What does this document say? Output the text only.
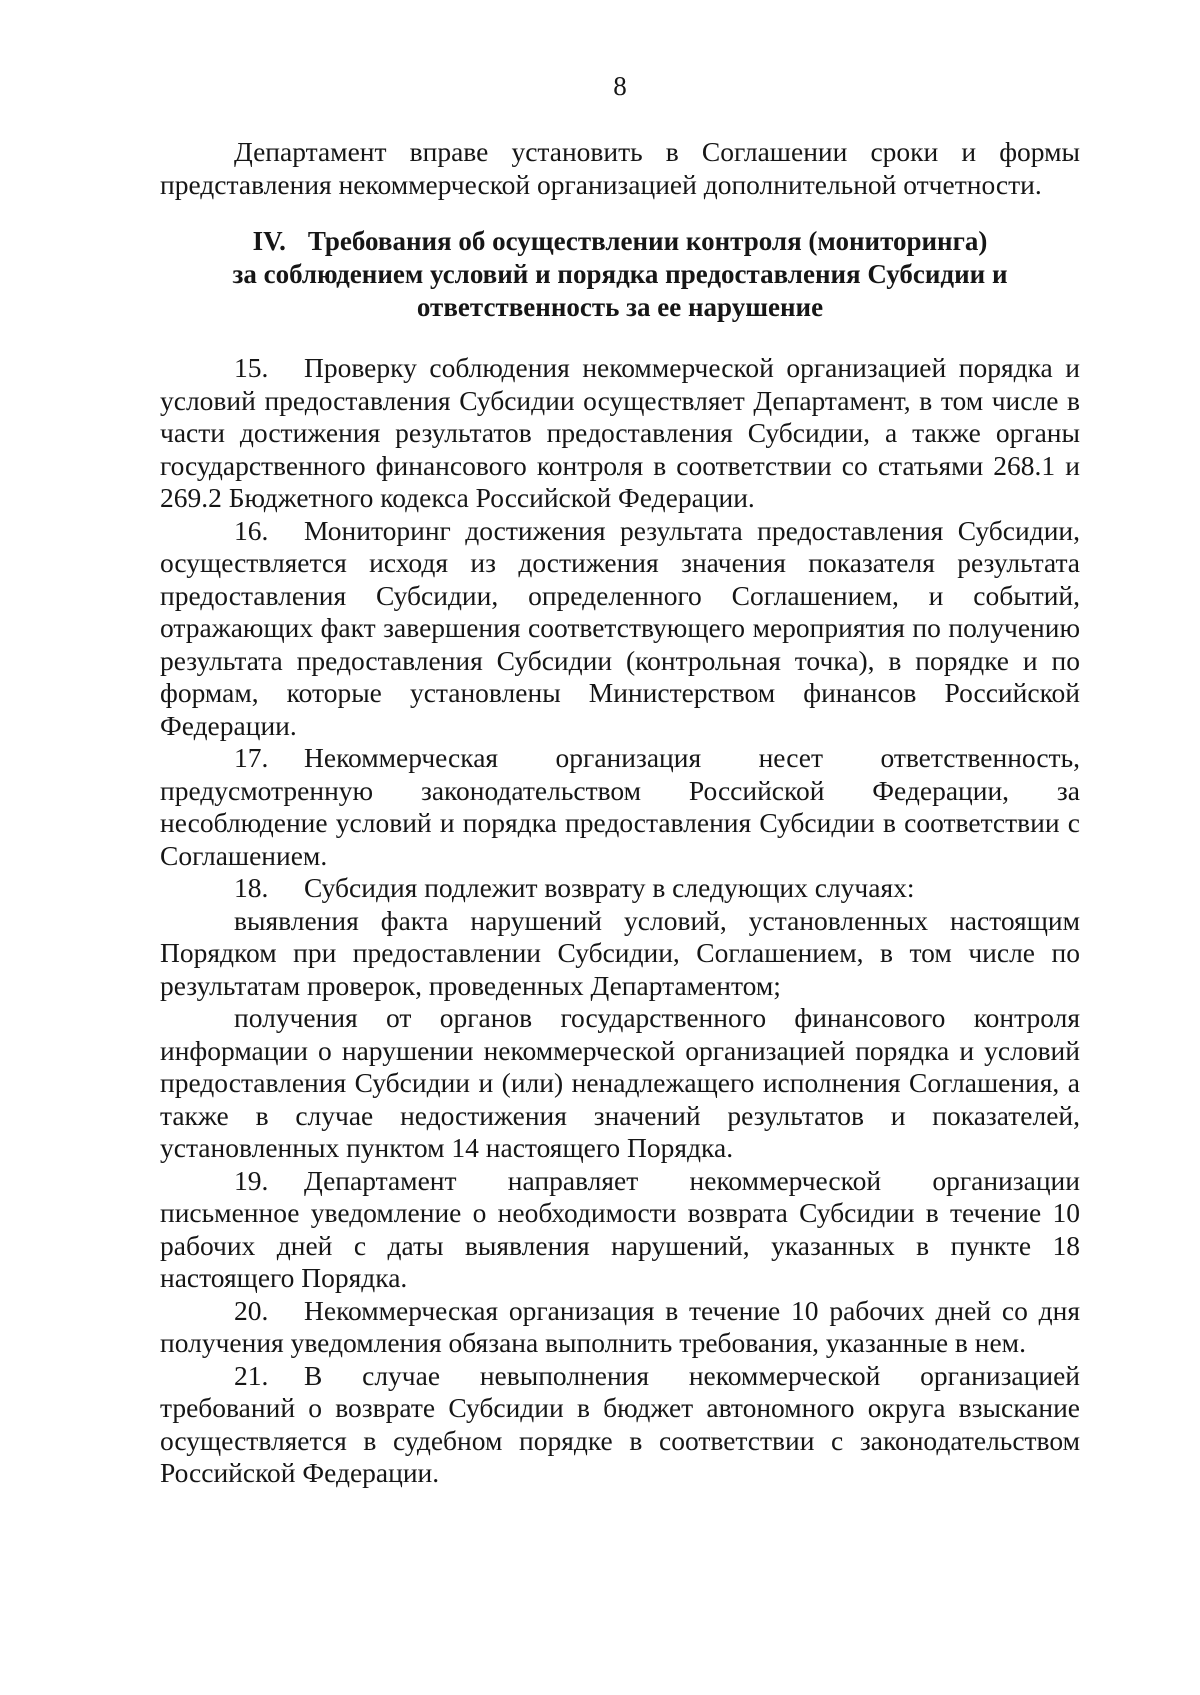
8

Департамент вправе установить в Соглашении сроки и формы представления некоммерческой организацией дополнительной отчетности.

IV. Требования об осуществлении контроля (мониторинга)
за соблюдением условий и порядка предоставления Субсидии и
ответственность за ее нарушение

15. Проверку соблюдения некоммерческой организацией порядка и условий предоставления Субсидии осуществляет Департамент, в том числе в части достижения результатов предоставления Субсидии, а также органы государственного финансового контроля в соответствии со статьями 268.1 и 269.2 Бюджетного кодекса Российской Федерации.

16. Мониторинг достижения результата предоставления Субсидии, осуществляется исходя из достижения значения показателя результата предоставления Субсидии, определенного Соглашением, и событий, отражающих факт завершения соответствующего мероприятия по получению результата предоставления Субсидии (контрольная точка), в порядке и по формам, которые установлены Министерством финансов Российской Федерации.

17. Некоммерческая организация несет ответственность, предусмотренную законодательством Российской Федерации, за несоблюдение условий и порядка предоставления Субсидии в соответствии с Соглашением.

18. Субсидия подлежит возврату в следующих случаях:

выявления факта нарушений условий, установленных настоящим Порядком при предоставлении Субсидии, Соглашением, в том числе по результатам проверок, проведенных Департаментом;

получения от органов государственного финансового контроля информации о нарушении некоммерческой организацией порядка и условий предоставления Субсидии и (или) ненадлежащего исполнения Соглашения, а также в случае недостижения значений результатов и показателей, установленных пунктом 14 настоящего Порядка.

19. Департамент направляет некоммерческой организации письменное уведомление о необходимости возврата Субсидии в течение 10 рабочих дней с даты выявления нарушений, указанных в пункте 18 настоящего Порядка.

20. Некоммерческая организация в течение 10 рабочих дней со дня получения уведомления обязана выполнить требования, указанные в нем.

21. В случае невыполнения некоммерческой организацией требований о возврате Субсидии в бюджет автономного округа взыскание осуществляется в судебном порядке в соответствии с законодательством Российской Федерации.
